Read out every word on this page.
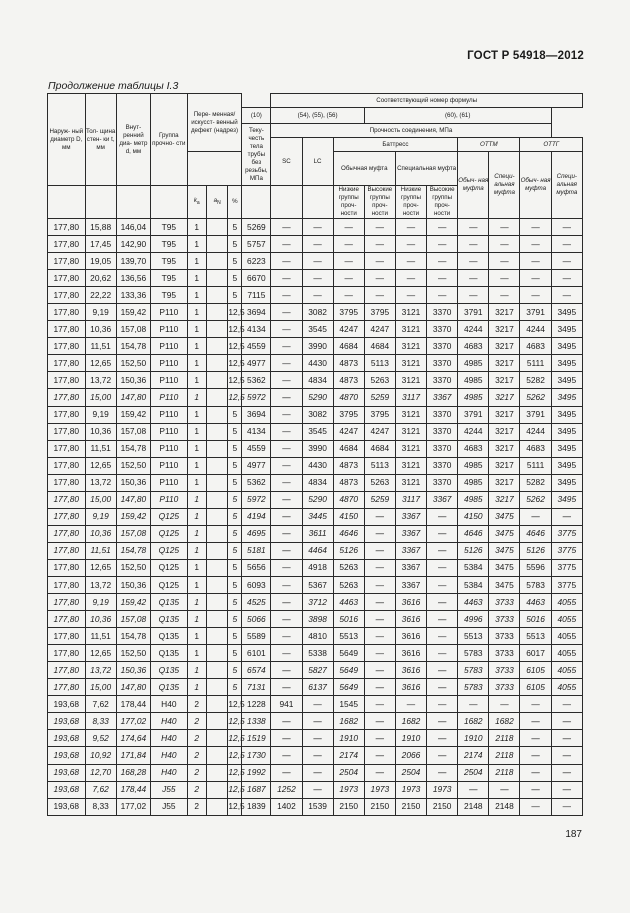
ГОСТ Р 54918—2012
Продолжение таблицы I.3
Наруж- ный диаметр D, мм	Тол- щина стен- ки t, мм	Внут- ренний диа- метр d, мм	Группа прочно- сти	Пере- менная/ искусст- венный дефект (надрез)				Соответствующий номер формулы									
							(10)	(54), (55), (56)			(60), (61)						
							Теку- честь тела трубы без резьбы, МПа	Прочность соединения, МПа									
								SC	LC	Баттресс				ОТТМ		ОТТГ	
										Обычная муфта		Специальная муфта		Обыч- ная муфта	Специ- альная муфта	Обыч- ная муфта	Специ- альная муфта
				$k_a$	$a_N$	%				Низкие группы проч- ности	Высокие группы проч- ности	Низкие группы проч- ности	Высокие группы проч- ности				
177,80	15,88	146,04	T95	1		5	5269	—	—	—	—	—	—	—	—	—	—
177,80	17,45	142,90	T95	1		5	5757	—	—	—	—	—	—	—	—	—	—
177,80	19,05	139,70	T95	1		5	6223	—	—	—	—	—	—	—	—	—	—
177,80	20,62	136,56	T95	1		5	6670	—	—	—	—	—	—	—	—	—	—
177,80	22,22	133,36	T95	1		5	7115	—	—	—	—	—	—	—	—	—	—
177,80	9,19	159,42	P110	1		12,5	3694	—	3082	3795	3795	3121	3370	3791	3217	3791	3495
177,80	10,36	157,08	P110	1		12,5	4134	—	3545	4247	4247	3121	3370	4244	3217	4244	3495
177,80	11,51	154,78	P110	1		12,5	4559	—	3990	4684	4684	3121	3370	4683	3217	4683	3495
177,80	12,65	152,50	P110	1		12,5	4977	—	4430	4873	5113	3121	3370	4985	3217	5111	3495
177,80	13,72	150,36	P110	1		12,5	5362	—	4834	4873	5263	3121	3370	4985	3217	5282	3495
177,80	15,00	147,80	P110	1		12,5	5972	—	5290	4870	5259	3117	3367	4985	3217	5262	3495
177,80	9,19	159,42	P110	1		5	3694	—	3082	3795	3795	3121	3370	3791	3217	3791	3495
177,80	10,36	157,08	P110	1		5	4134	—	3545	4247	4247	3121	3370	4244	3217	4244	3495
177,80	11,51	154,78	P110	1		5	4559	—	3990	4684	4684	3121	3370	4683	3217	4683	3495
177,80	12,65	152,50	P110	1		5	4977	—	4430	4873	5113	3121	3370	4985	3217	5111	3495
177,80	13,72	150,36	P110	1		5	5362	—	4834	4873	5263	3121	3370	4985	3217	5282	3495
177,80	15,00	147,80	P110	1		5	5972	—	5290	4870	5259	3117	3367	4985	3217	5262	3495
177,80	9,19	159,42	Q125	1		5	4194	—	3445	4150	—	3367	—	4150	3475	—	—
177,80	10,36	157,08	Q125	1		5	4695	—	3611	4646	—	3367	—	4646	3475	4646	3775
177,80	11,51	154,78	Q125	1		5	5181	—	4464	5126	—	3367	—	5126	3475	5126	3775
177,80	12,65	152,50	Q125	1		5	5656	—	4918	5263	—	3367	—	5384	3475	5596	3775
177,80	13,72	150,36	Q125	1		5	6093	—	5367	5263	—	3367	—	5384	3475	5783	3775
177,80	9,19	159,42	Q135	1		5	4525	—	3712	4463	—	3616	—	4463	3733	4463	4055
177,80	10,36	157,08	Q135	1		5	5066	—	3898	5016	—	3616	—	4996	3733	5016	4055
177,80	11,51	154,78	Q135	1		5	5589	—	4810	5513	—	3616	—	5513	3733	5513	4055
177,80	12,65	152,50	Q135	1		5	6101	—	5338	5649	—	3616	—	5783	3733	6017	4055
177,80	13,72	150,36	Q135	1		5	6574	—	5827	5649	—	3616	—	5783	3733	6105	4055
177,80	15,00	147,80	Q135	1		5	7131	—	6137	5649	—	3616	—	5783	3733	6105	4055
193,68	7,62	178,44	H40	2		12,5	1228	941	—	1545	—	—	—	—	—	—	—
193,68	8,33	177,02	H40	2		12,5	1338	—	—	1682	—	1682	—	1682	1682	—	—
193,68	9,52	174,64	H40	2		12,5	1519	—	—	1910	—	1910	—	1910	2118	—	—
193,68	10,92	171,84	H40	2		12,5	1730	—	—	2174	—	2066	—	2174	2118	—	—
193,68	12,70	168,28	H40	2		12,5	1992	—	—	2504	—	2504	—	2504	2118	—	—
193,68	7,62	178,44	J55	2		12,5	1687	1252	—	1973	1973	1973	1973	—	—	—	—
193,68	8,33	177,02	J55	2		12,5	1839	1402	1539	2150	2150	2150	2150	2148	2148	—	—
187
